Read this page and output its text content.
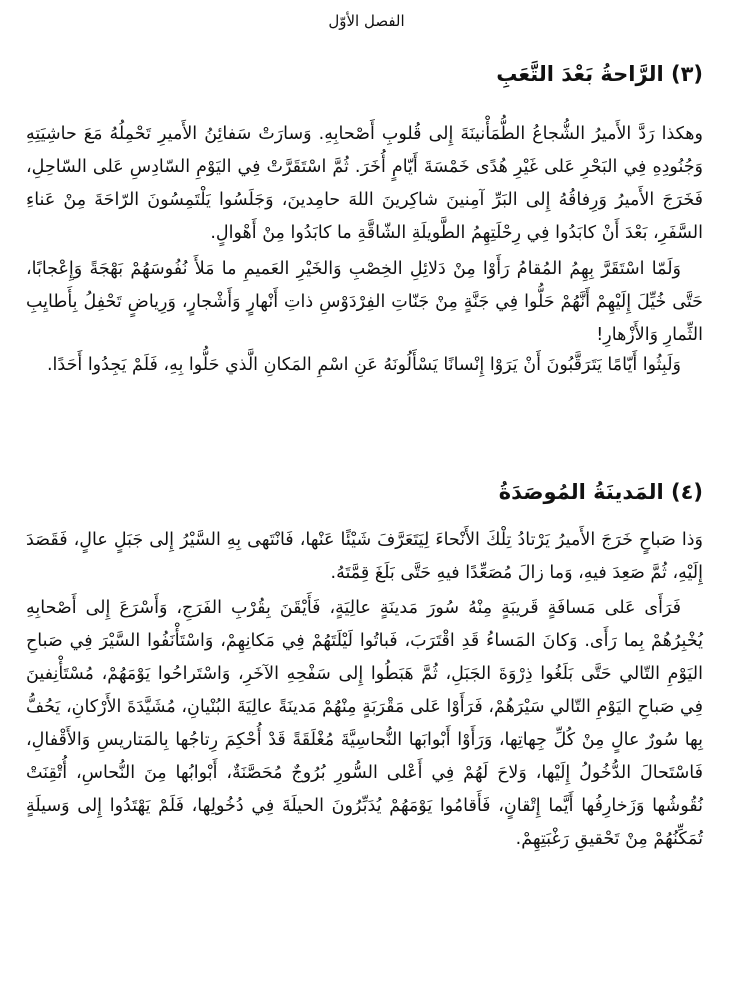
الفصل الأوّل
(٣) الرَّاحةُ بَعْدَ التَّعَبِ

وهكذا رَدَّ الأَميرُ الشُّجاعُ الطُّمَأْنينَةَ إِلى قُلوبِ أَصْحابِهِ. وَسارَتْ سَفائِنُ الأَميرِ تَحْمِلُهُ مَعَ حاشِيَتِهِ وَجُنُودِهِ فِي البَحْرِ عَلى غَيْرِ هُدًى خَمْسَةَ أَيّامٍ أُخَرَ. ثُمَّ اسْتَقَرَّتْ فِي اليَوْمِ السّادِسِ عَلى السّاحِلِ، فَخَرَجَ الأَميرُ وَرِفاقُهُ إِلى البَرِّ آمِنينَ شاكِرينَ اللهَ حامِدينَ، وَجَلَسُوا يَلْتَمِسُونَ الرّاحَةَ مِنْ عَناءِ السَّفَرِ، بَعْدَ أَنْ كابَدُوا فِي رِحْلَتِهِمُ الطَّويلَةِ الشّاقَّةِ ما كابَدُوا مِنْ أَهْوالٍ.

وَلَمّا اسْتَقَرَّ بِهِمُ المُقامُ رَأَوْا مِنْ دَلائِلِ الخِصْبِ وَالخَيْرِ العَميمِ ما مَلأَ نُفُوسَهُمْ بَهْجَةً وَإِعْجابًا، حَتَّى خُيِّلَ إِلَيْهِمْ أَنَّهُمْ حَلُّوا فِي جَنَّةٍ مِنْ جَنّاتِ الفِرْدَوْسِ ذاتِ أَنْهارٍ وَأَشْجارٍ، وَرِياضٍ تَحْفِلُ بِأَطايِبِ الثِّمارِ وَالأَزْهارِ!

وَلَبِثُوا أَيّامًا يَتَرَقَّبُونَ أَنْ يَرَوْا إِنْسانًا يَسْأَلُونَهُ عَنِ اسْمِ المَكانِ الَّذي حَلُّوا بِهِ، فَلَمْ يَجِدُوا أَحَدًا.

(٤) المَدينَةُ المُوصَدَةُ

وَذا صَباحٍ خَرَجَ الأَميرُ يَرْتادُ تِلْكَ الأَنْحاءَ لِيَتَعَرَّفَ شَيْئًا عَنْها، فَانْتَهى بِهِ السَّيْرُ إِلى جَبَلٍ عالٍ، فَقَصَدَ إِلَيْهِ، ثُمَّ صَعِدَ فيهِ، وَما زالَ مُصَعِّدًا فيهِ حَتَّى بَلَغَ قِمَّتَهُ.

فَرَأَى عَلى مَسافَةٍ قَريبَةٍ مِنْهُ سُورَ مَدينَةٍ عالِيَةٍ، فَأَيْقَنَ بِقُرْبِ الفَرَجِ، وَأَسْرَعَ إِلى أَصْحابِهِ يُخْبِرُهُمْ بِما رَأَى. وَكانَ المَساءُ قَدِ اقْتَرَبَ، فَباتُوا لَيْلَتَهُمْ فِي مَكانِهِمْ، وَاسْتَأْنَفُوا السَّيْرَ فِي صَباحِ اليَوْمِ التّالي حَتَّى بَلَغُوا ذِرْوَةَ الجَبَلِ، ثُمَّ هَبَطُوا إِلى سَفْحِهِ الآخَرِ، وَاسْتَراحُوا يَوْمَهُمْ، مُسْتَأْنِفينَ فِي صَباحِ اليَوْمِ التّالي سَيْرَهُمْ، فَرَأَوْا عَلى مَقْرَبَةٍ مِنْهُمْ مَدينَةً عالِيَةَ البُنْيانِ، مُشَيَّدَةَ الأَرْكانِ، يَحُفُّ بِها سُورٌ عالٍ مِنْ كُلِّ جِهاتِها، وَرَأَوْا أَبْوابَها النُّحاسِيَّةَ مُغْلَقَةً قَدْ أُحْكِمَ رِتاجُها بِالمَتاريسِ وَالأَقْفالِ، فَاسْتَحالَ الدُّخُولُ إِلَيْها، وَلاحَ لَهُمْ فِي أَعْلى السُّورِ بُرُوجٌ مُحَصَّنَةٌ، أَبْوابُها مِنَ النُّحاسِ، أُتْقِنَتْ نُقُوشُها وَزَخارِفُها أَيَّما إِتْقانٍ، فَأَقامُوا يَوْمَهُمْ يُدَبِّرُونَ الحيلَةَ فِي دُخُولِها، فَلَمْ يَهْتَدُوا إِلى وَسيلَةٍ تُمَكِّنُهُمْ مِنْ تَحْقيقِ رَغْبَتِهِمْ.
